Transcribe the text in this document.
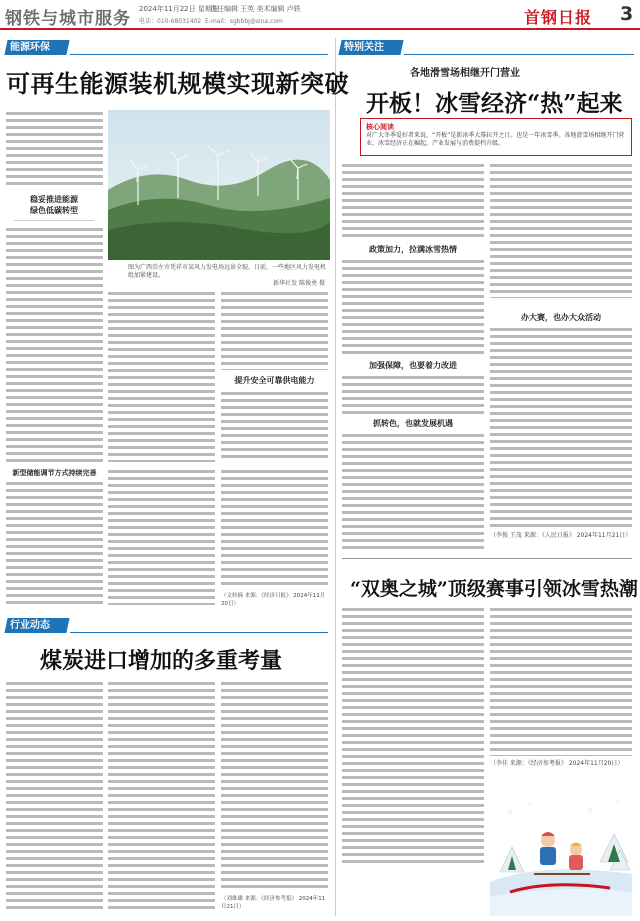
钢铁与城市服务 2024年11月22日 星期五
责任编辑 王英 美术编辑 卢轶
电话：010-68031402 E-mail：sgbbbj@sina.com	首钢日报 3
能源环保
可再生能源装机规模实现新突破
稳妥推进能源
绿色低碳转型
图为广西崇左市凭祥市某风力发电场远景全貌。日前，一些地区风力发电机组加紧建设。
新华社发 陈俊勇 摄
提升安全可靠供电能力
新型储能调节方式持续完善
（文转摘 来源：《经济日报》 2024年11月20日）
行业动态
煤炭进口增加的多重考量
（刘维雄 来源：《经济参考报》 2024年11月21日）
特别关注
各地滑雪场相继开门营业
开板！冰雪经济“热”起来
核心阅读
对广大冬季爱好者来说，“开板”是新冰季大幕拉开之日。也是一年冰雪季。各地滑雪场相继开门营业，冰雪经济正在崛起，产业发展与消费提档升级。
政策加力，拉满冰雪热情
加强保障，也要着力改进
抓转色，也就发展机遇
办大赛，也办大众活动
（李俊 王茂 来源：《人民日报》 2024年11月21日）
“双奥之城”顶级赛事引领冰雪热潮
（李佳 来源：《经济参考报》 2024年11月20日）
